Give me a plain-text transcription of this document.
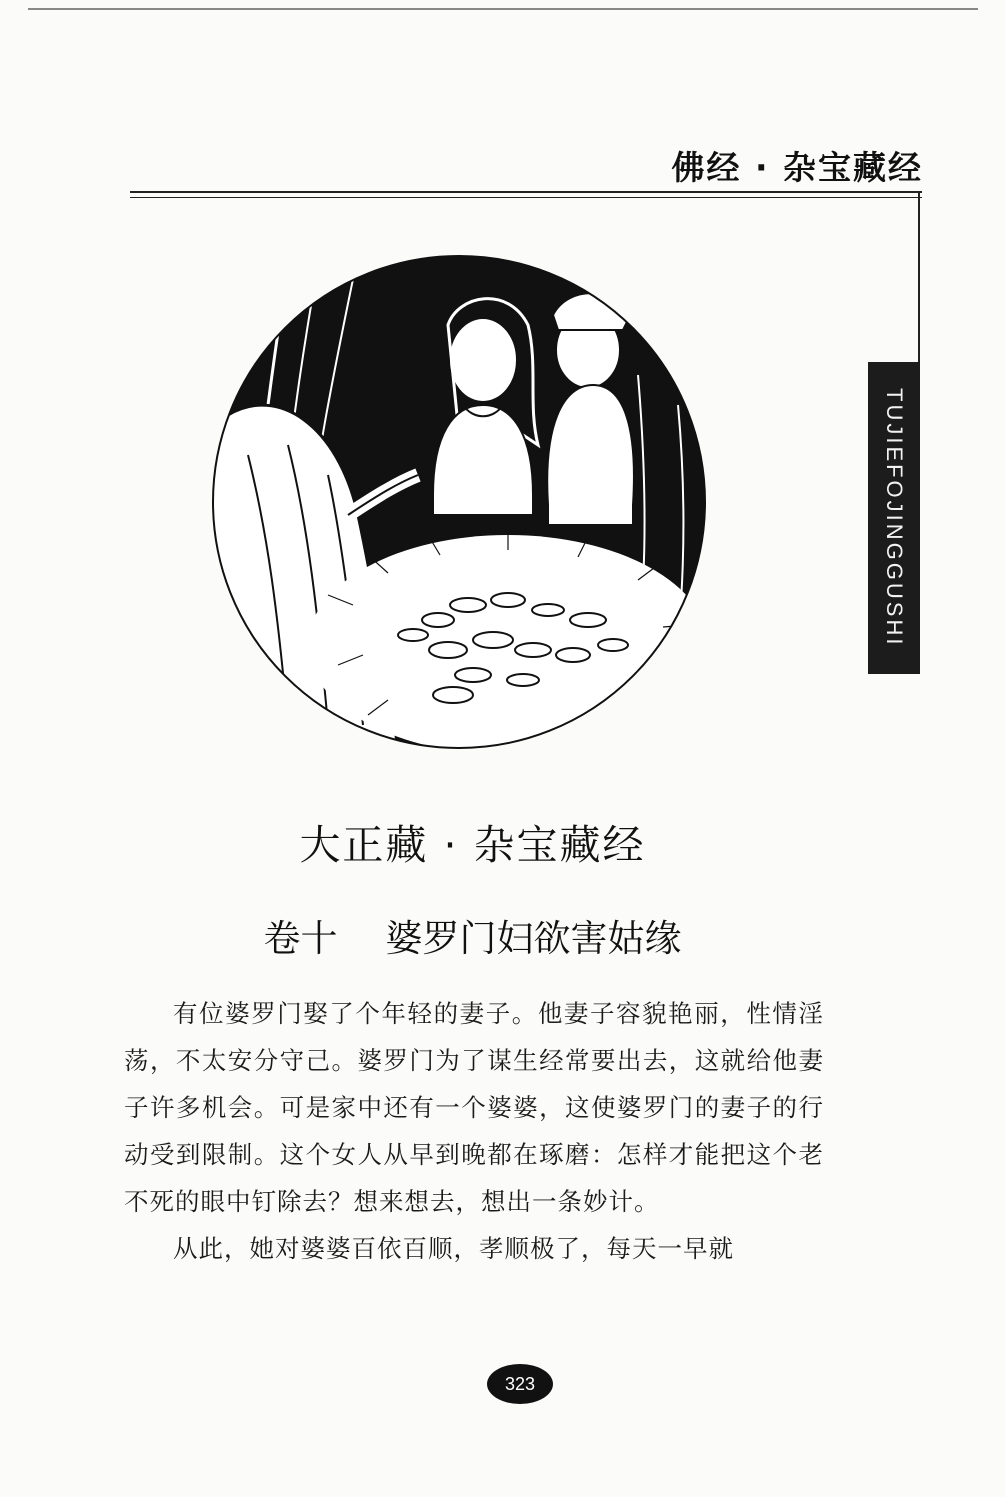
佛经 · 杂宝藏经
TUJIEFOJINGGUSHI
大正藏 · 杂宝藏经
卷十 婆罗门妇欲害姑缘

有位婆罗门娶了个年轻的妻子。他妻子容貌艳丽，性情淫荡，不太安分守己。婆罗门为了谋生经常要出去，这就给他妻子许多机会。可是家中还有一个婆婆，这使婆罗门的妻子的行动受到限制。这个女人从早到晚都在琢磨：怎样才能把这个老不死的眼中钉除去？想来想去，想出一条妙计。

从此，她对婆婆百依百顺，孝顺极了，每天一早就

323
